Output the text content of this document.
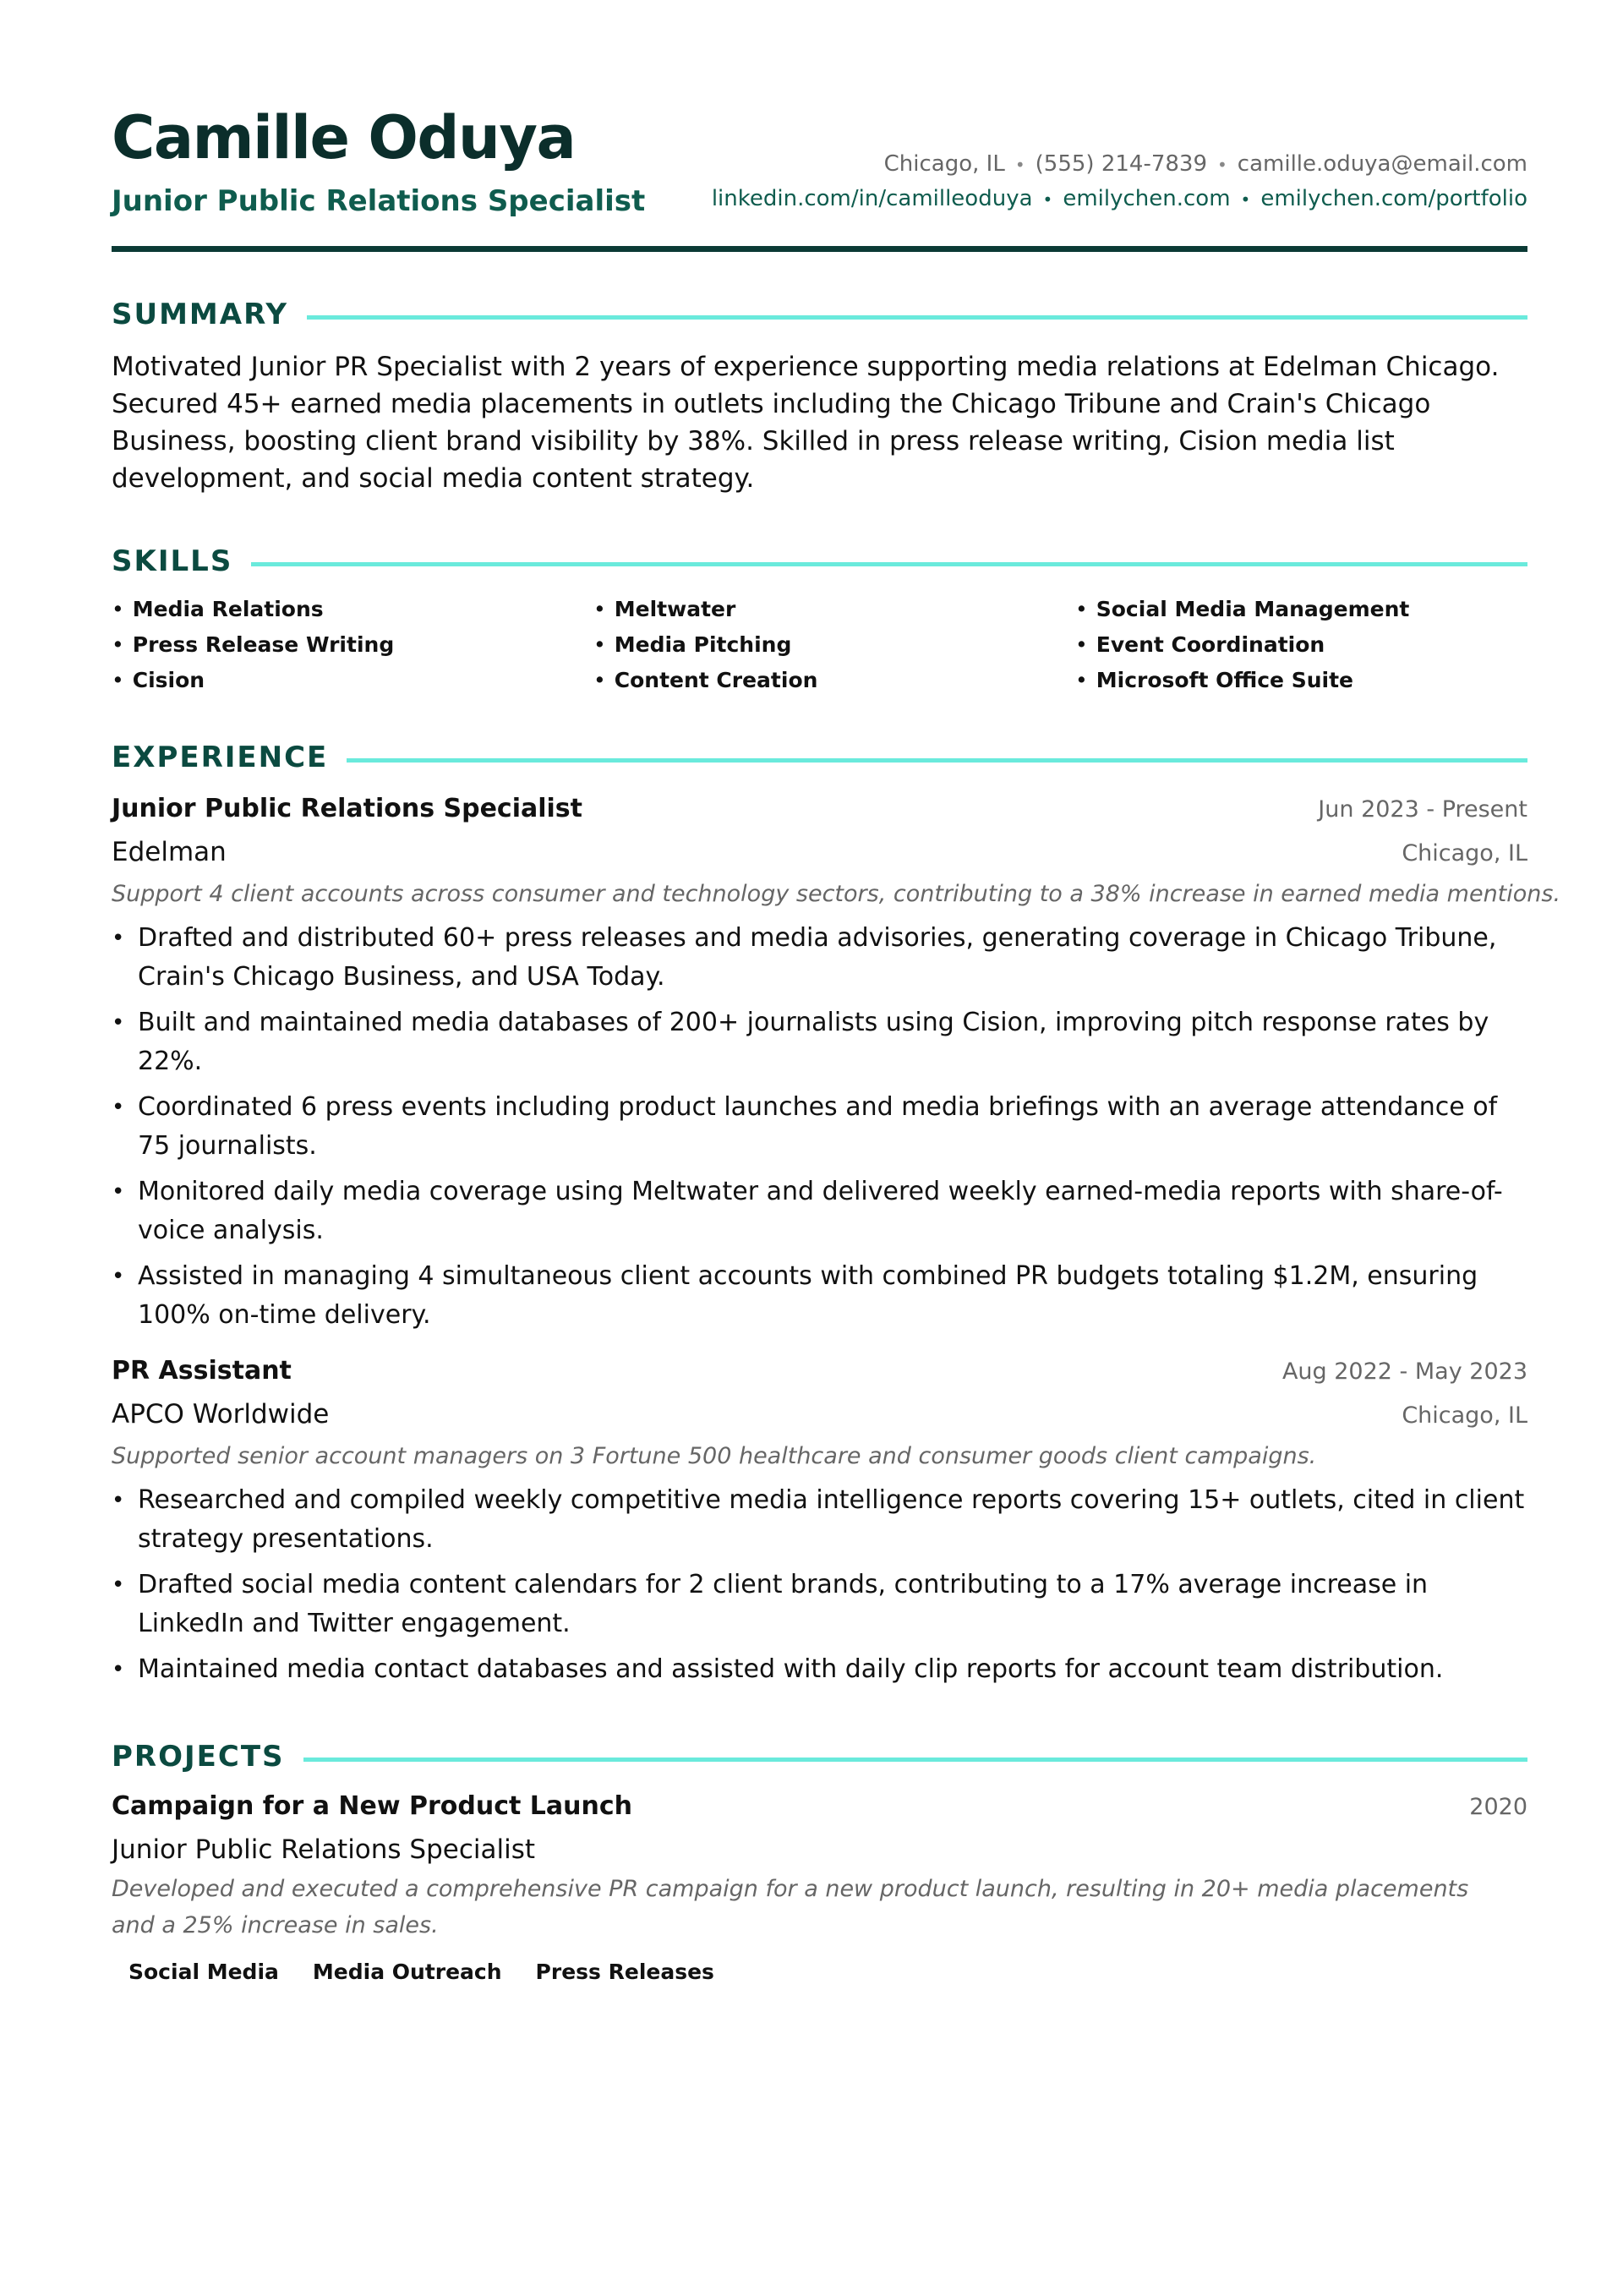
Camille Oduya
Junior Public Relations Specialist
Chicago, IL • (555) 214-7839 • camille.oduya@email.com
linkedin.com/in/camilleoduya • emilychen.com • emilychen.com/portfolio
SUMMARY
Motivated Junior PR Specialist with 2 years of experience supporting media relations at Edelman Chicago. Secured 45+ earned media placements in outlets including the Chicago Tribune and Crain's Chicago Business, boosting client brand visibility by 38%. Skilled in press release writing, Cision media list development, and social media content strategy.
SKILLS
• Media Relations	• Meltwater	• Social Media Management
• Press Release Writing	• Media Pitching	• Event Coordination
• Cision	• Content Creation	• Microsoft Office Suite
EXPERIENCE
Junior Public Relations Specialist	Jun 2023 - Present
Edelman	Chicago, IL
Support 4 client accounts across consumer and technology sectors, contributing to a 38% increase in earned media mentions.
• Drafted and distributed 60+ press releases and media advisories, generating coverage in Chicago Tribune, Crain's Chicago Business, and USA Today.
• Built and maintained media databases of 200+ journalists using Cision, improving pitch response rates by 22%.
• Coordinated 6 press events including product launches and media briefings with an average attendance of 75 journalists.
• Monitored daily media coverage using Meltwater and delivered weekly earned-media reports with share-of-voice analysis.
• Assisted in managing 4 simultaneous client accounts with combined PR budgets totaling $1.2M, ensuring 100% on-time delivery.
PR Assistant	Aug 2022 - May 2023
APCO Worldwide	Chicago, IL
Supported senior account managers on 3 Fortune 500 healthcare and consumer goods client campaigns.
• Researched and compiled weekly competitive media intelligence reports covering 15+ outlets, cited in client strategy presentations.
• Drafted social media content calendars for 2 client brands, contributing to a 17% average increase in LinkedIn and Twitter engagement.
• Maintained media contact databases and assisted with daily clip reports for account team distribution.
PROJECTS
Campaign for a New Product Launch	2020
Junior Public Relations Specialist
Developed and executed a comprehensive PR campaign for a new product launch, resulting in 20+ media placements and a 25% increase in sales.
Social Media	Media Outreach	Press Releases
